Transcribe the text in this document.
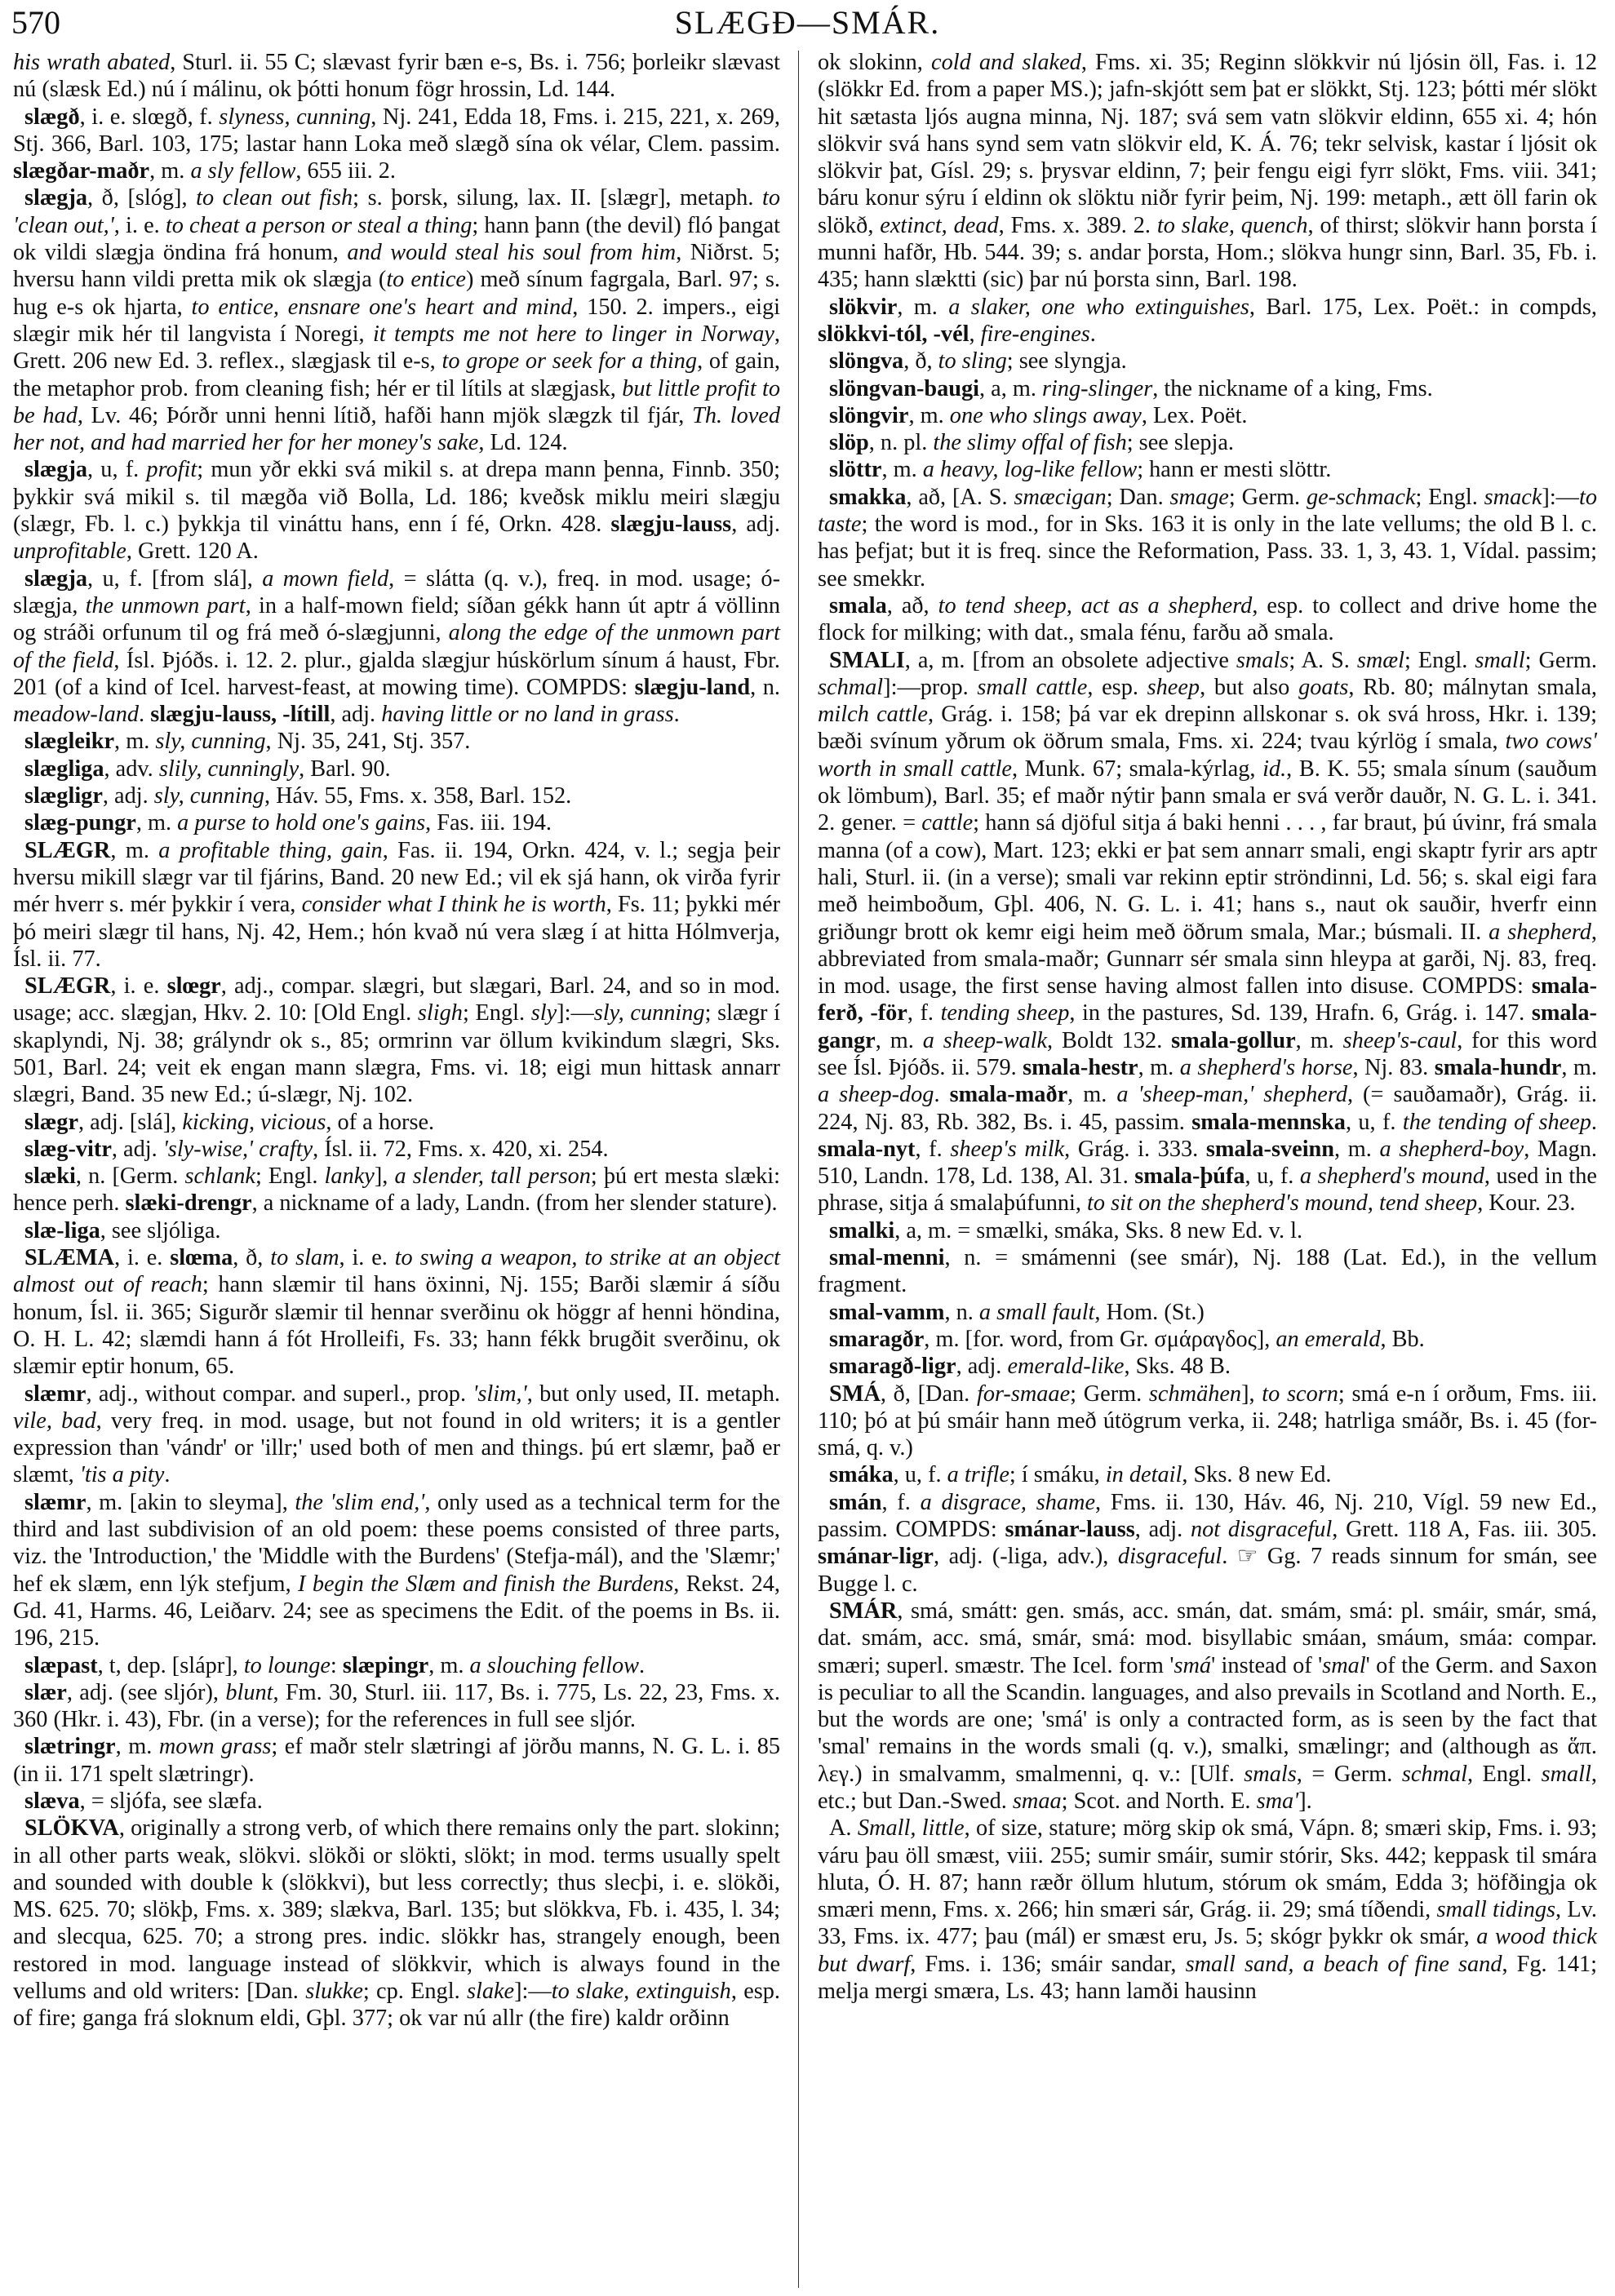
570	SLÆGÐ—SMÁR.

his wrath abated, Sturl. ii. 55 C; slævast fyrir bæn e-s, Bs. i. 756; þorleikr slævast nú (slæsk Ed.) nú í málinu, ok þótti honum fögr hrossin, Ld. 144.

slægð, i. e. slœgð, f. slyness, cunning, Nj. 241, Edda 18, Fms. i. 215, 221, x. 269, Stj. 366, Barl. 103, 175; lastar hann Loka með slægð sína ok vélar, Clem. passim. slægðar-maðr, m. a sly fellow, 655 iii. 2.

slægja, ð, [slóg], to clean out fish; s. þorsk, silung, lax. II. [slægr], metaph. to 'clean out,', i. e. to cheat a person or steal a thing; hann þann (the devil) fló þangat ok vildi slægja öndina frá honum, and would steal his soul from him, Niðrst. 5; hversu hann vildi pretta mik ok slægja (to entice) með sínum fagrgala, Barl. 97; s. hug e-s ok hjarta, to entice, ensnare one's heart and mind, 150. 2. impers., eigi slægir mik hér til langvista í Noregi, it tempts me not here to linger in Norway, Grett. 206 new Ed. 3. reflex., slægjask til e-s, to grope or seek for a thing, of gain, the metaphor prob. from cleaning fish; hér er til lítils at slægjask, but little profit to be had, Lv. 46; Þórðr unni henni lítið, hafði hann mjök slægzk til fjár, Th. loved her not, and had married her for her money's sake, Ld. 124.

slægja, u, f. profit; mun yðr ekki svá mikil s. at drepa mann þenna, Finnb. 350; þykkir svá mikil s. til mægða við Bolla, Ld. 186; kveðsk miklu meiri slægju (slægr, Fb. l. c.) þykkja til vináttu hans, enn í fé, Orkn. 428. slægju-lauss, adj. unprofitable, Grett. 120 A.

slægja, u, f. [from slá], a mown field, = slátta (q. v.), freq. in mod. usage; ó-slægja, the unmown part, in a half-mown field; síðan gékk hann út aptr á völlinn og stráði orfunum til og frá með ó-slægjunni, along the edge of the unmown part of the field, Ísl. Þjóðs. i. 12. 2. plur., gjalda slægjur húskörlum sínum á haust, Fbr. 201 (of a kind of Icel. harvest-feast, at mowing time). COMPDS: slægju-land, n. meadow-land. slægju-lauss, -lítill, adj. having little or no land in grass.

slægleikr, m. sly, cunning, Nj. 35, 241, Stj. 357.

slægliga, adv. slily, cunningly, Barl. 90.

slægligr, adj. sly, cunning, Háv. 55, Fms. x. 358, Barl. 152.

slæg-pungr, m. a purse to hold one's gains, Fas. iii. 194.

SLÆGR, m. a profitable thing, gain, Fas. ii. 194, Orkn. 424, v. l.; segja þeir hversu mikill slægr var til fjárins, Band. 20 new Ed.; vil ek sjá hann, ok virða fyrir mér hverr s. mér þykkir í vera, consider what I think he is worth, Fs. 11; þykki mér þó meiri slægr til hans, Nj. 42, Hem.; hón kvað nú vera slæg í at hitta Hólmverja, Ísl. ii. 77.

SLÆGR, i. e. slœgr, adj., compar. slægri, but slægari, Barl. 24, and so in mod. usage; acc. slægjan, Hkv. 2. 10: [Old Engl. sligh; Engl. sly]:—sly, cunning; slægr í skaplyndi, Nj. 38; grályndr ok s., 85; ormrinn var öllum kvikindum slægri, Sks. 501, Barl. 24; veit ek engan mann slægra, Fms. vi. 18; eigi mun hittask annarr slægri, Band. 35 new Ed.; ú-slægr, Nj. 102.

slægr, adj. [slá], kicking, vicious, of a horse.

slæg-vitr, adj. 'sly-wise,' crafty, Ísl. ii. 72, Fms. x. 420, xi. 254.

slæki, n. [Germ. schlank; Engl. lanky], a slender, tall person; þú ert mesta slæki: hence perh. slæki-drengr, a nickname of a lady, Landn. (from her slender stature).

slæ-liga, see sljóliga.

SLÆMA, i. e. slœma, ð, to slam, i. e. to swing a weapon, to strike at an object almost out of reach; hann slæmir til hans öxinni, Nj. 155; Barði slæmir á síðu honum, Ísl. ii. 365; Sigurðr slæmir til hennar sverðinu ok höggr af henni höndina, O. H. L. 42; slæmdi hann á fót Hrolleifi, Fs. 33; hann fékk brugðit sverðinu, ok slæmir eptir honum, 65.

slæmr, adj., without compar. and superl., prop. 'slim,', but only used, II. metaph. vile, bad, very freq. in mod. usage, but not found in old writers; it is a gentler expression than 'vándr' or 'illr;' used both of men and things. þú ert slæmr, það er slæmt, 'tis a pity.

slæmr, m. [akin to sleyma], the 'slim end,', only used as a technical term for the third and last subdivision of an old poem: these poems consisted of three parts, viz. the 'Introduction,' the 'Middle with the Burdens' (Stefja-mál), and the 'Slæmr;' hef ek slæm, enn lýk stefjum, I begin the Slæm and finish the Burdens, Rekst. 24, Gd. 41, Harms. 46, Leiðarv. 24; see as specimens the Edit. of the poems in Bs. ii. 196, 215.

slæpast, t, dep. [slápr], to lounge: slæpingr, m. a slouching fellow.

slær, adj. (see sljór), blunt, Fm. 30, Sturl. iii. 117, Bs. i. 775, Ls. 22, 23, Fms. x. 360 (Hkr. i. 43), Fbr. (in a verse); for the references in full see sljór.

slætringr, m. mown grass; ef maðr stelr slætringi af jörðu manns, N. G. L. i. 85 (in ii. 171 spelt slætringr).

slæva, = sljófa, see slæfa.

SLÖKVA, originally a strong verb, of which there remains only the part. slokinn; in all other parts weak, slökvi. slökði or slökti, slökt; in mod. terms usually spelt and sounded with double k (slökkvi), but less correctly; thus slecþi, i. e. slökði, MS. 625. 70; slökþ, Fms. x. 389; slækva, Barl. 135; but slökkva, Fb. i. 435, l. 34; and slecqua, 625. 70; a strong pres. indic. slökkr has, strangely enough, been restored in mod. language instead of slökkvir, which is always found in the vellums and old writers: [Dan. slukke; cp. Engl. slake]:—to slake, extinguish, esp. of fire; ganga frá sloknum eldi, Gþl. 377; ok var nú allr (the fire) kaldr orðinn

ok slokinn, cold and slaked, Fms. xi. 35; Reginn slökkvir nú ljósin öll, Fas. i. 12 (slökkr Ed. from a paper MS.); jafn-skjótt sem þat er slökkt, Stj. 123; þótti mér slökt hit sætasta ljós augna minna, Nj. 187; svá sem vatn slökvir eldinn, 655 xi. 4; hón slökvir svá hans synd sem vatn slökvir eld, K. Á. 76; tekr selvisk, kastar í ljósit ok slökvir þat, Gísl. 29; s. þrysvar eldinn, 7; þeir fengu eigi fyrr slökt, Fms. viii. 341; báru konur sýru í eldinn ok slöktu niðr fyrir þeim, Nj. 199: metaph., ætt öll farin ok slökð, extinct, dead, Fms. x. 389. 2. to slake, quench, of thirst; slökvir hann þorsta í munni hafðr, Hb. 544. 39; s. andar þorsta, Hom.; slökva hungr sinn, Barl. 35, Fb. i. 435; hann slæktti (sic) þar nú þorsta sinn, Barl. 198.

slökvir, m. a slaker, one who extinguishes, Barl. 175, Lex. Poët.: in compds, slökkvi-tól, -vél, fire-engines.

slöngva, ð, to sling; see slyngja.

slöngvan-baugi, a, m. ring-slinger, the nickname of a king, Fms.

slöngvir, m. one who slings away, Lex. Poët.

slöp, n. pl. the slimy offal of fish; see slepja.

slöttr, m. a heavy, log-like fellow; hann er mesti slöttr.

smakka, að, [A. S. smæcigan; Dan. smage; Germ. ge-schmack; Engl. smack]:—to taste; the word is mod., for in Sks. 163 it is only in the late vellums; the old B l. c. has þefjat; but it is freq. since the Reformation, Pass. 33. 1, 3, 43. 1, Vídal. passim; see smekkr.

smala, að, to tend sheep, act as a shepherd, esp. to collect and drive home the flock for milking; with dat., smala fénu, farðu að smala.

SMALI, a, m. [from an obsolete adjective smals; A. S. smæl; Engl. small; Germ. schmal]:—prop. small cattle, esp. sheep, but also goats, Rb. 80; málnytan smala, milch cattle, Grág. i. 158; þá var ek drepinn allskonar s. ok svá hross, Hkr. i. 139; bæði svínum yðrum ok öðrum smala, Fms. xi. 224; tvau kýrlög í smala, two cows' worth in small cattle, Munk. 67; smala-kýrlag, id., B. K. 55; smala sínum (sauðum ok lömbum), Barl. 35; ef maðr nýtir þann smala er svá verðr dauðr, N. G. L. i. 341. 2. gener. = cattle; hann sá djöful sitja á baki henni . . . , far braut, þú úvinr, frá smala manna (of a cow), Mart. 123; ekki er þat sem annarr smali, engi skaptr fyrir ars aptr hali, Sturl. ii. (in a verse); smali var rekinn eptir ströndinni, Ld. 56; s. skal eigi fara með heimboðum, Gþl. 406, N. G. L. i. 41; hans s., naut ok sauðir, hverfr einn griðungr brott ok kemr eigi heim með öðrum smala, Mar.; búsmali. II. a shepherd, abbreviated from smala-maðr; Gunnarr sér smala sinn hleypa at garði, Nj. 83, freq. in mod. usage, the first sense having almost fallen into disuse. COMPDS: smala-ferð, -för, f. tending sheep, in the pastures, Sd. 139, Hrafn. 6, Grág. i. 147. smala-gangr, m. a sheep-walk, Boldt 132. smala-gollur, m. sheep's-caul, for this word see Ísl. Þjóðs. ii. 579. smala-hestr, m. a shepherd's horse, Nj. 83. smala-hundr, m. a sheep-dog. smala-maðr, m. a 'sheep-man,' shepherd, (= sauðamaðr), Grág. ii. 224, Nj. 83, Rb. 382, Bs. i. 45, passim. smala-mennska, u, f. the tending of sheep. smala-nyt, f. sheep's milk, Grág. i. 333. smala-sveinn, m. a shepherd-boy, Magn. 510, Landn. 178, Ld. 138, Al. 31. smala-þúfa, u, f. a shepherd's mound, used in the phrase, sitja á smalaþúfunni, to sit on the shepherd's mound, tend sheep, Kour. 23.

smalki, a, m. = smælki, smáka, Sks. 8 new Ed. v. l.

smal-menni, n. = smámenni (see smár), Nj. 188 (Lat. Ed.), in the vellum fragment.

smal-vamm, n. a small fault, Hom. (St.)

smaragðr, m. [for. word, from Gr. σμάραγδος], an emerald, Bb.

smaragð-ligr, adj. emerald-like, Sks. 48 B.

SMÁ, ð, [Dan. for-smaae; Germ. schmähen], to scorn; smá e-n í orðum, Fms. iii. 110; þó at þú smáir hann með útögrum verka, ii. 248; hatrliga smáðr, Bs. i. 45 (for-smá, q. v.)

smáka, u, f. a trifle; í smáku, in detail, Sks. 8 new Ed.

smán, f. a disgrace, shame, Fms. ii. 130, Háv. 46, Nj. 210, Vígl. 59 new Ed., passim. COMPDS: smánar-lauss, adj. not disgraceful, Grett. 118 A, Fas. iii. 305. smánar-ligr, adj. (-liga, adv.), disgraceful. ☞ Gg. 7 reads sinnum for smán, see Bugge l. c.

SMÁR, smá, smátt: gen. smás, acc. smán, dat. smám, smá: pl. smáir, smár, smá, dat. smám, acc. smá, smár, smá: mod. bisyllabic smáan, smáum, smáa: compar. smæri; superl. smæstr. The Icel. form 'smá' instead of 'smal' of the Germ. and Saxon is peculiar to all the Scandin. languages, and also prevails in Scotland and North. E., but the words are one; 'smá' is only a contracted form, as is seen by the fact that 'smal' remains in the words smali (q. v.), smalki, smælingr; and (although as ἅπ. λεγ.) in smalvamm, smalmenni, q. v.: [Ulf. smals, = Germ. schmal, Engl. small, etc.; but Dan.-Swed. smaa; Scot. and North. E. sma'].

A. Small, little, of size, stature; mörg skip ok smá, Vápn. 8; smæri skip, Fms. i. 93; váru þau öll smæst, viii. 255; sumir smáir, sumir stórir, Sks. 442; keppask til smára hluta, Ó. H. 87; hann ræðr öllum hlutum, stórum ok smám, Edda 3; höfðingja ok smæri menn, Fms. x. 266; hin smæri sár, Grág. ii. 29; smá tíðendi, small tidings, Lv. 33, Fms. ix. 477; þau (mál) er smæst eru, Js. 5; skógr þykkr ok smár, a wood thick but dwarf, Fms. i. 136; smáir sandar, small sand, a beach of fine sand, Fg. 141; melja mergi smæra, Ls. 43; hann lamði hausinn
